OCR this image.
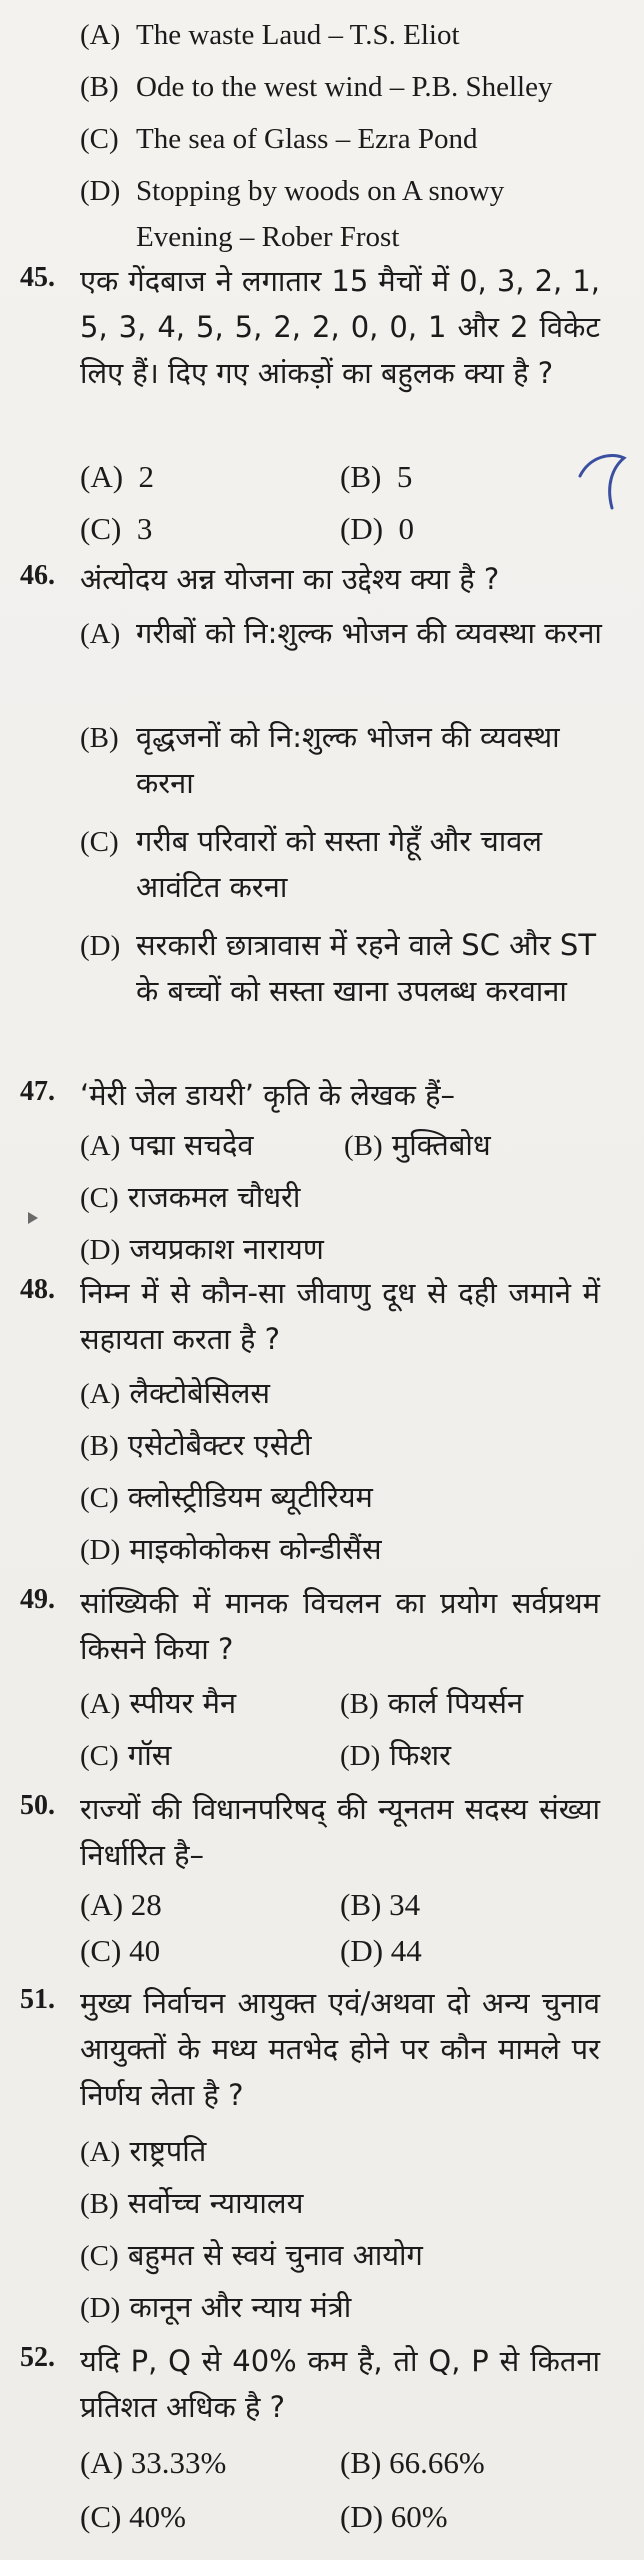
(A) The waste Laud – T.S. Eliot
(B) Ode to the west wind – P.B. Shelley
(C) The sea of Glass – Ezra Pond
(D) Stopping by woods on A snowy Evening – Rober Frost
45. एक गेंदबाज ने लगातार 15 मैचों में 0, 3, 2, 1, 5, 3, 4, 5, 5, 2, 2, 0, 0, 1 और 2 विकेट लिए हैं। दिए गए आंकड़ों का बहुलक क्या है ?
(A) 2	(B) 5
(C) 3	(D) 0
46. अंत्योदय अन्न योजना का उद्देश्य क्या है ?
(A) गरीबों को नि:शुल्क भोजन की व्यवस्था करना
(B) वृद्धजनों को नि:शुल्क भोजन की व्यवस्था करना
(C) गरीब परिवारों को सस्ता गेहूँ और चावल आवंटित करना
(D) सरकारी छात्रावास में रहने वाले SC और ST के बच्चों को सस्ता खाना उपलब्ध करवाना
47. ‘मेरी जेल डायरी’ कृति के लेखक हैं–
(A) पद्मा सचदेव	(B) मुक्तिबोध
(C) राजकमल चौधरी
(D) जयप्रकाश नारायण
48. निम्न में से कौन-सा जीवाणु दूध से दही जमाने में सहायता करता है ?
(A) लैक्टोबेसिलस
(B) एसेटोबैक्टर एसेटी
(C) क्लोस्ट्रीडियम ब्यूटीरियम
(D) माइकोकोकस कोन्डीसैंस
49. सांख्यिकी में मानक विचलन का प्रयोग सर्वप्रथम किसने किया ?
(A) स्पीयर मैन	(B) कार्ल पियर्सन
(C) गॉस	(D) फिशर
50. राज्यों की विधानपरिषद् की न्यूनतम सदस्य संख्या निर्धारित है–
(A) 28	(B) 34
(C) 40	(D) 44
51. मुख्य निर्वाचन आयुक्त एवं/अथवा दो अन्य चुनाव आयुक्तों के मध्य मतभेद होने पर कौन मामले पर निर्णय लेता है ?
(A) राष्ट्रपति
(B) सर्वोच्च न्यायालय
(C) बहुमत से स्वयं चुनाव आयोग
(D) कानून और न्याय मंत्री
52. यदि P, Q से 40% कम है, तो Q, P से कितना प्रतिशत अधिक है ?
(A) 33.33%	(B) 66.66%
(C) 40%	(D) 60%
